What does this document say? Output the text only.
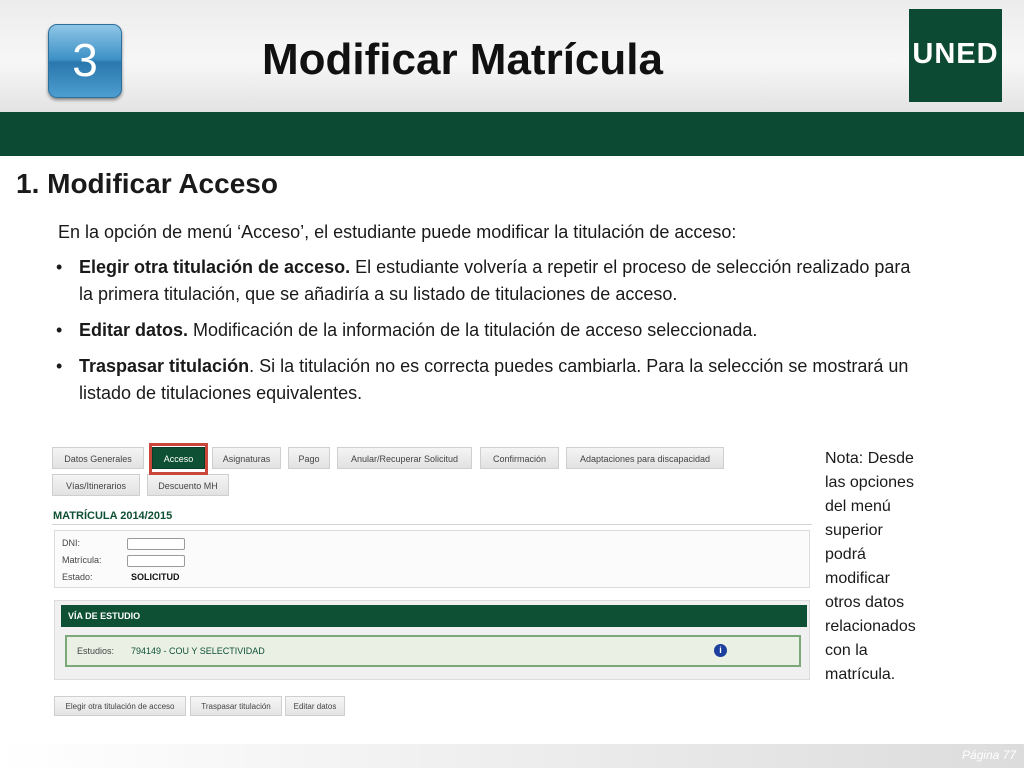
3	Modificar Matrícula	UNED
1. Modificar Acceso
En la opción de menú ‘Acceso’, el estudiante puede modificar la titulación de acceso:
• Elegir otra titulación de acceso. El estudiante volvería a repetir el proceso de selección realizado para la primera titulación, que se añadiría a su listado de titulaciones de acceso.
• Editar datos. Modificación de la información de la titulación de acceso seleccionada.
• Traspasar titulación. Si la titulación no es correcta puedes cambiarla. Para la selección se mostrará un listado de titulaciones equivalentes.
Datos Generales	Acceso	Asignaturas	Pago	Anular/Recuperar Solicitud	Confirmación	Adaptaciones para discapacidad
Vías/Itinerarios	Descuento MH
MATRÍCULA 2014/2015
DNI:
Matrícula:
Estado:	SOLICITUD
VÍA DE ESTUDIO
Estudios: 794149 - COU Y SELECTIVIDAD	i
Elegir otra titulación de acceso	Traspasar titulación	Editar datos
Nota: Desde
las opciones
del menú
superior
podrá
modificar
otros datos
relacionados
con la
matrícula.
Página 77
